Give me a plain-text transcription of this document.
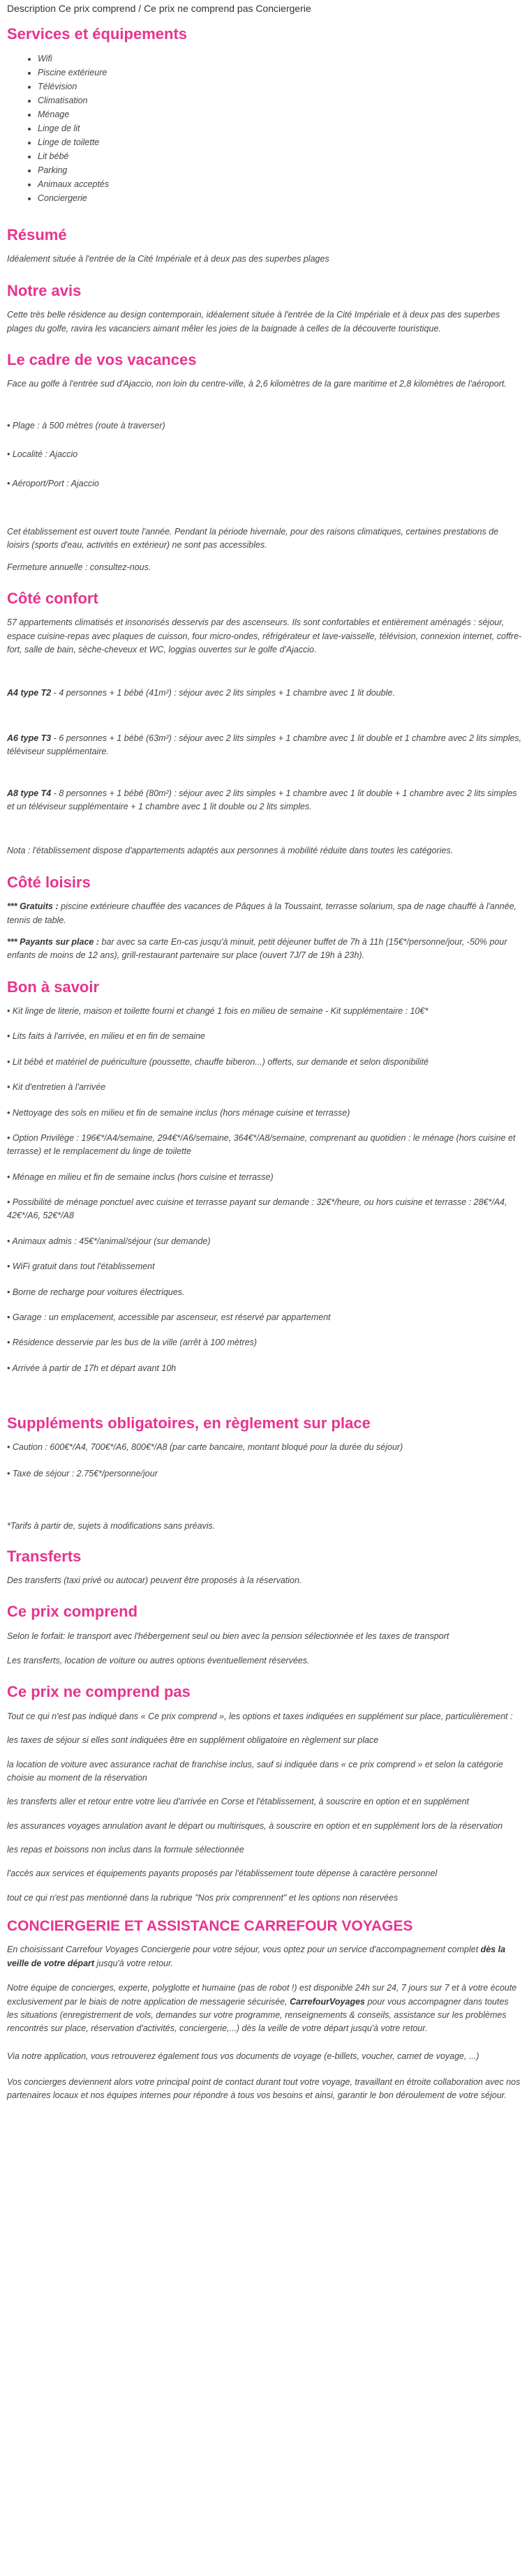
Description Ce prix comprend / Ce prix ne comprend pas Conciergerie

Services et équipements
• Wifi
• Piscine extérieure
• Télévision
• Climatisation
• Ménage
• Linge de lit
• Linge de toilette
• Lit bébé
• Parking
• Animaux acceptés
• Conciergerie
Résumé

Idéalement située à l'entrée de la Cité Impériale et à deux pas des superbes plages

Notre avis

Cette très belle résidence au design contemporain, idéalement située à l'entrée de la Cité Impériale et à deux pas des superbes plages du golfe, ravira les vacanciers aimant mêler les joies de la baignade à celles de la découverte touristique.

Le cadre de vos vacances

Face au golfe à l'entrée sud d'Ajaccio, non loin du centre-ville, à 2,6 kilomètres de la gare maritime et 2,8 kilomètres de l'aéroport.

• Plage : à 500 mètres (route à traverser)

• Localité : Ajaccio

• Aéroport/Port : Ajaccio

Cet établissement est ouvert toute l'année. Pendant la période hivernale, pour des raisons climatiques, certaines prestations de loisirs (sports d'eau, activités en extérieur) ne sont pas accessibles.

Fermeture annuelle : consultez-nous.

Côté confort

57 appartements climatisés et insonorisés desservis par des ascenseurs. Ils sont confortables et entièrement aménagés : séjour, espace cuisine-repas avec plaques de cuisson, four micro-ondes, réfrigérateur et lave-vaisselle, télévision, connexion internet, coffre-fort, salle de bain, sèche-cheveux et WC, loggias ouvertes sur le golfe d'Ajaccio.

A4 type T2 - 4 personnes + 1 bébé (41m²) : séjour avec 2 lits simples + 1 chambre avec 1 lit double.

A6 type T3 - 6 personnes + 1 bébé (63m²) : séjour avec 2 lits simples + 1 chambre avec 1 lit double et 1 chambre avec 2 lits simples, téléviseur supplémentaire.

A8 type T4 - 8 personnes + 1 bébé (80m²) : séjour avec 2 lits simples + 1 chambre avec 1 lit double + 1 chambre avec 2 lits simples et un téléviseur supplémentaire + 1 chambre avec 1 lit double ou 2 lits simples.

Nota : l'établissement dispose d'appartements adaptés aux personnes à mobilité réduite dans toutes les catégories.

Côté loisirs

*** Gratuits : piscine extérieure chauffée des vacances de Pâques à la Toussaint, terrasse solarium, spa de nage chauffé à l'année, tennis de table.

*** Payants sur place : bar avec sa carte En-cas jusqu'à minuit, petit déjeuner buffet de 7h à 11h (15€*/personne/jour, -50% pour enfants de moins de 12 ans), grill-restaurant partenaire sur place (ouvert 7J/7 de 19h à 23h).

Bon à savoir

• Kit linge de literie, maison et toilette fourni et changé 1 fois en milieu de semaine - Kit supplémentaire : 10€*

• Lits faits à l'arrivée, en milieu et en fin de semaine

• Lit bébé et matériel de puériculture (poussette, chauffe biberon...) offerts, sur demande et selon disponibilité

• Kit d'entretien à l'arrivée

• Nettoyage des sols en milieu et fin de semaine inclus (hors ménage cuisine et terrasse)

• Option Privilège : 196€*/A4/semaine, 294€*/A6/semaine, 364€*/A8/semaine, comprenant au quotidien : le ménage (hors cuisine et terrasse) et le remplacement du linge de toilette

• Ménage en milieu et fin de semaine inclus (hors cuisine et terrasse)

• Possibilité de ménage ponctuel avec cuisine et terrasse payant sur demande : 32€*/heure, ou hors cuisine et terrasse : 28€*/A4, 42€*/A6, 52€*/A8

• Animaux admis : 45€*/animal/séjour (sur demande)

• WiFi gratuit dans tout l'établissement

• Borne de recharge pour voitures électriques.

• Garage : un emplacement, accessible par ascenseur, est réservé par appartement

• Résidence desservie par les bus de la ville (arrêt à 100 mètres)

• Arrivée à partir de 17h et départ avant 10h

Suppléments obligatoires, en règlement sur place

• Caution : 600€*/A4, 700€*/A6, 800€*/A8 (par carte bancaire, montant bloqué pour la durée du séjour)

• Taxe de séjour : 2.75€*/personne/jour

*Tarifs à partir de, sujets à modifications sans préavis.

Transferts

Des transferts (taxi privé ou autocar) peuvent être proposés à la réservation.

Ce prix comprend

Selon le forfait: le transport avec l'hébergement seul ou bien avec la pension sélectionnée et les taxes de transport

Les transferts, location de voiture ou autres options éventuellement réservées.

Ce prix ne comprend pas

Tout ce qui n'est pas indiqué dans « Ce prix comprend », les options et taxes indiquées en supplément sur place, particulièrement :

les taxes de séjour si elles sont indiquées être en supplément obligatoire en règlement sur place

la location de voiture avec assurance rachat de franchise inclus, sauf si indiquée dans « ce prix comprend » et selon la catégorie choisie au moment de la réservation

les transferts aller et retour entre votre lieu d'arrivée en Corse et l'établissement, à souscrire en option et en supplément

les assurances voyages annulation avant le départ ou multirisques, à souscrire en option et en supplément lors de la réservation

les repas et boissons non inclus dans la formule sélectionnée

l'accès aux services et équipements payants proposés par l'établissement toute dépense à caractère personnel

tout ce qui n'est pas mentionné dans la rubrique "Nos prix comprennent" et les options non réservées

CONCIERGERIE ET ASSISTANCE CARREFOUR VOYAGES

En choisissant Carrefour Voyages Conciergerie pour votre séjour, vous optez pour un service d'accompagnement complet dès la veille de votre départ jusqu'à votre retour.

Notre équipe de concierges, experte, polyglotte et humaine (pas de robot !) est disponible 24h sur 24, 7 jours sur 7 et à votre écoute exclusivement par le biais de notre application de messagerie sécurisée, CarrefourVoyages pour vous accompagner dans toutes les situations (enregistrement de vols, demandes sur votre programme, renseignements & conseils, assistance sur les problèmes rencontrés sur place, réservation d'activités, conciergerie,...) dès la veille de votre départ jusqu'à votre retour.

Via notre application, vous retrouverez également tous vos documents de voyage (e-billets, voucher, carnet de voyage, ...)

Vos concierges deviennent alors votre principal point de contact durant tout votre voyage, travaillant en étroite collaboration avec nos partenaires locaux et nos équipes internes pour répondre à tous vos besoins et ainsi, garantir le bon déroulement de votre séjour.
